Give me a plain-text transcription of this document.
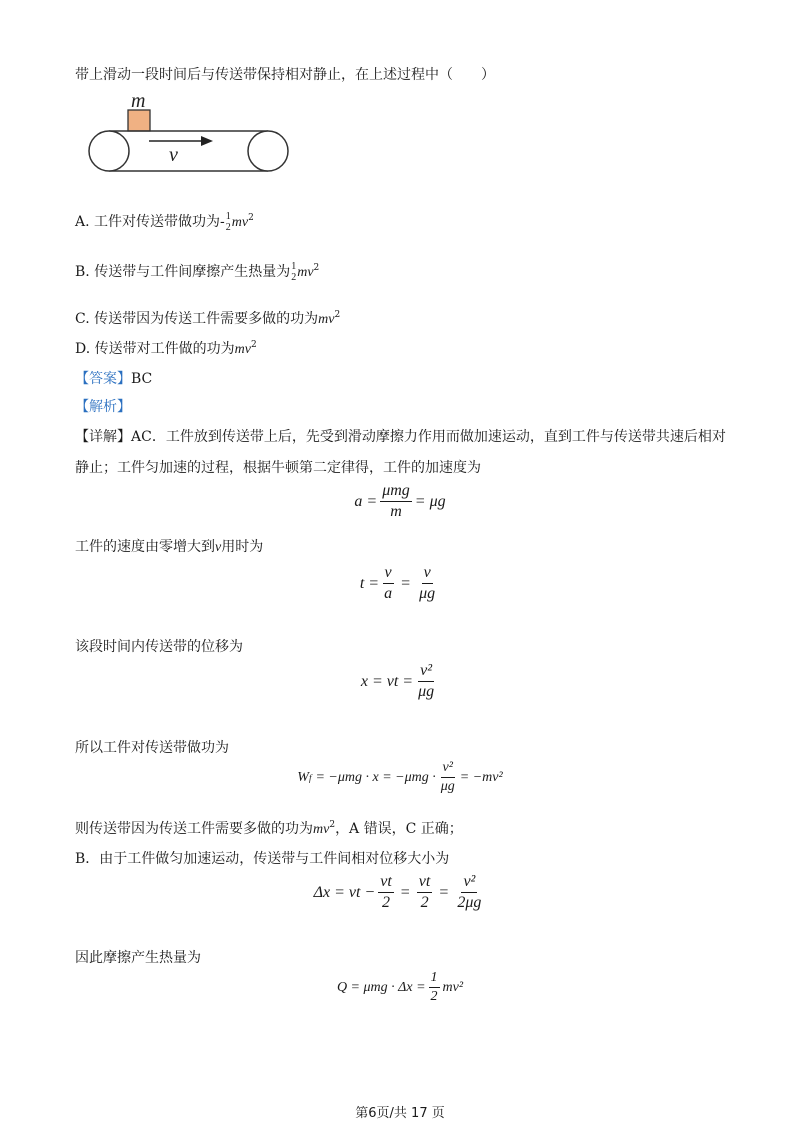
带上滑动一段时间后与传送带保持相对静止，在上述过程中（　　）
m
v
A. 工件对传送带做功为- 1
2 $mv^2$
B. 传送带与工件间摩擦产生热量为 1
2 $mv^2$
C. 传送带因为传送工件需要多做的功为$mv^2$
D. 传送带对工件做的功为$mv^2$
【答案】BC
【解析】
【详解】AC．工件放到传送带上后，先受到滑动摩擦力作用而做加速运动，直到工件与传送带共速后相对
静止；工件匀加速的过程，根据牛顿第二定律得，工件的加速度为
$a = \frac{\text{μmg}}{m} = \mu g$
工件的速度由零增大到v用时为
$t = \frac{v}{a} = \frac{v}{\mu g}$
该段时间内传送带的位移为
x = vt = $\frac{\text{v²}}{\mu g}$
所以工件对传送带做功为
W $f = -\mu mg \cdot x = -\mu mg \cdot \frac{\text{v²}}{\mu g} = -mv^2$
则传送带因为传送工件需要多做的功为$mv^2$，A 错误，C 正确；
B．由于工件做匀加速运动，传送带与工件间相对位移大小为
Δx = vt − $\frac{vt}{2} = \frac{vt}{2} = \frac{\text{v²}}{2\mu g}$
因此摩擦产生热量为
$Q = \mu mg \cdot \Delta x = \frac{1}{2} mv^2$
第6页/共 17 页
